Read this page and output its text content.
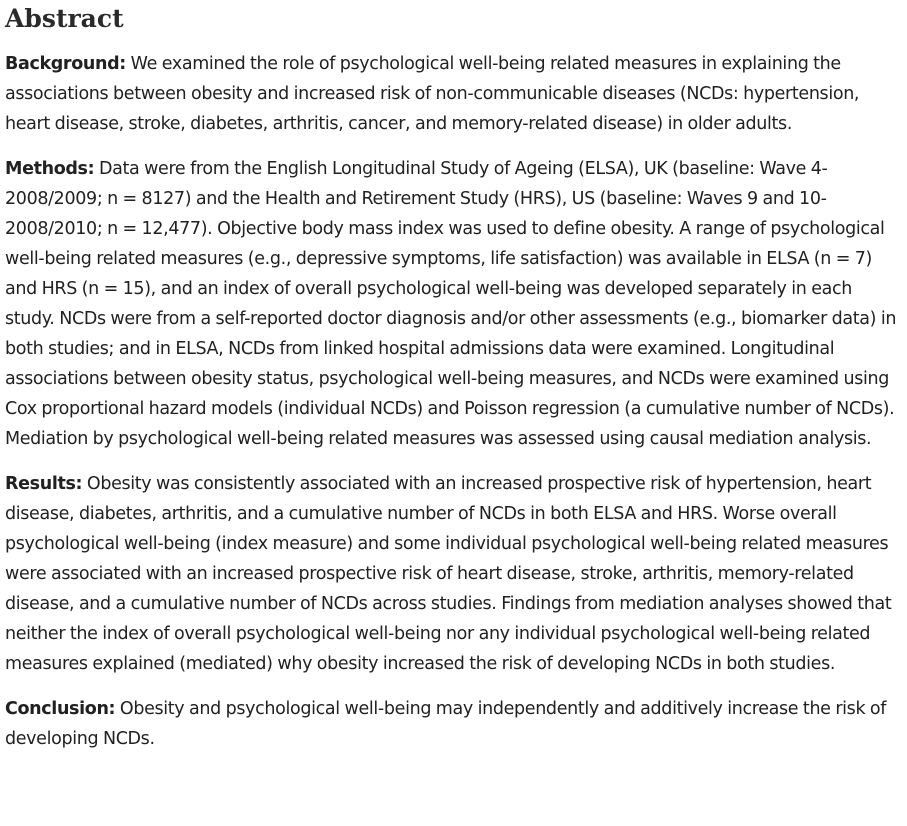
Abstract

Background: We examined the role of psychological well-being related measures in explaining the associations between obesity and increased risk of non-communicable diseases (NCDs: hypertension, heart disease, stroke, diabetes, arthritis, cancer, and memory-related disease) in older adults.

Methods: Data were from the English Longitudinal Study of Ageing (ELSA), UK (baseline: Wave 4-2008/2009; n = 8127) and the Health and Retirement Study (HRS), US (baseline: Waves 9 and 10-2008/2010; n = 12,477). Objective body mass index was used to define obesity. A range of psychological well-being related measures (e.g., depressive symptoms, life satisfaction) was available in ELSA (n = 7) and HRS (n = 15), and an index of overall psychological well-being was developed separately in each study. NCDs were from a self-reported doctor diagnosis and/or other assessments (e.g., biomarker data) in both studies; and in ELSA, NCDs from linked hospital admissions data were examined. Longitudinal associations between obesity status, psychological well-being measures, and NCDs were examined using Cox proportional hazard models (individual NCDs) and Poisson regression (a cumulative number of NCDs). Mediation by psychological well-being related measures was assessed using causal mediation analysis.

Results: Obesity was consistently associated with an increased prospective risk of hypertension, heart disease, diabetes, arthritis, and a cumulative number of NCDs in both ELSA and HRS. Worse overall psychological well-being (index measure) and some individual psychological well-being related measures were associated with an increased prospective risk of heart disease, stroke, arthritis, memory-related disease, and a cumulative number of NCDs across studies. Findings from mediation analyses showed that neither the index of overall psychological well-being nor any individual psychological well-being related measures explained (mediated) why obesity increased the risk of developing NCDs in both studies.

Conclusion: Obesity and psychological well-being may independently and additively increase the risk of developing NCDs.
